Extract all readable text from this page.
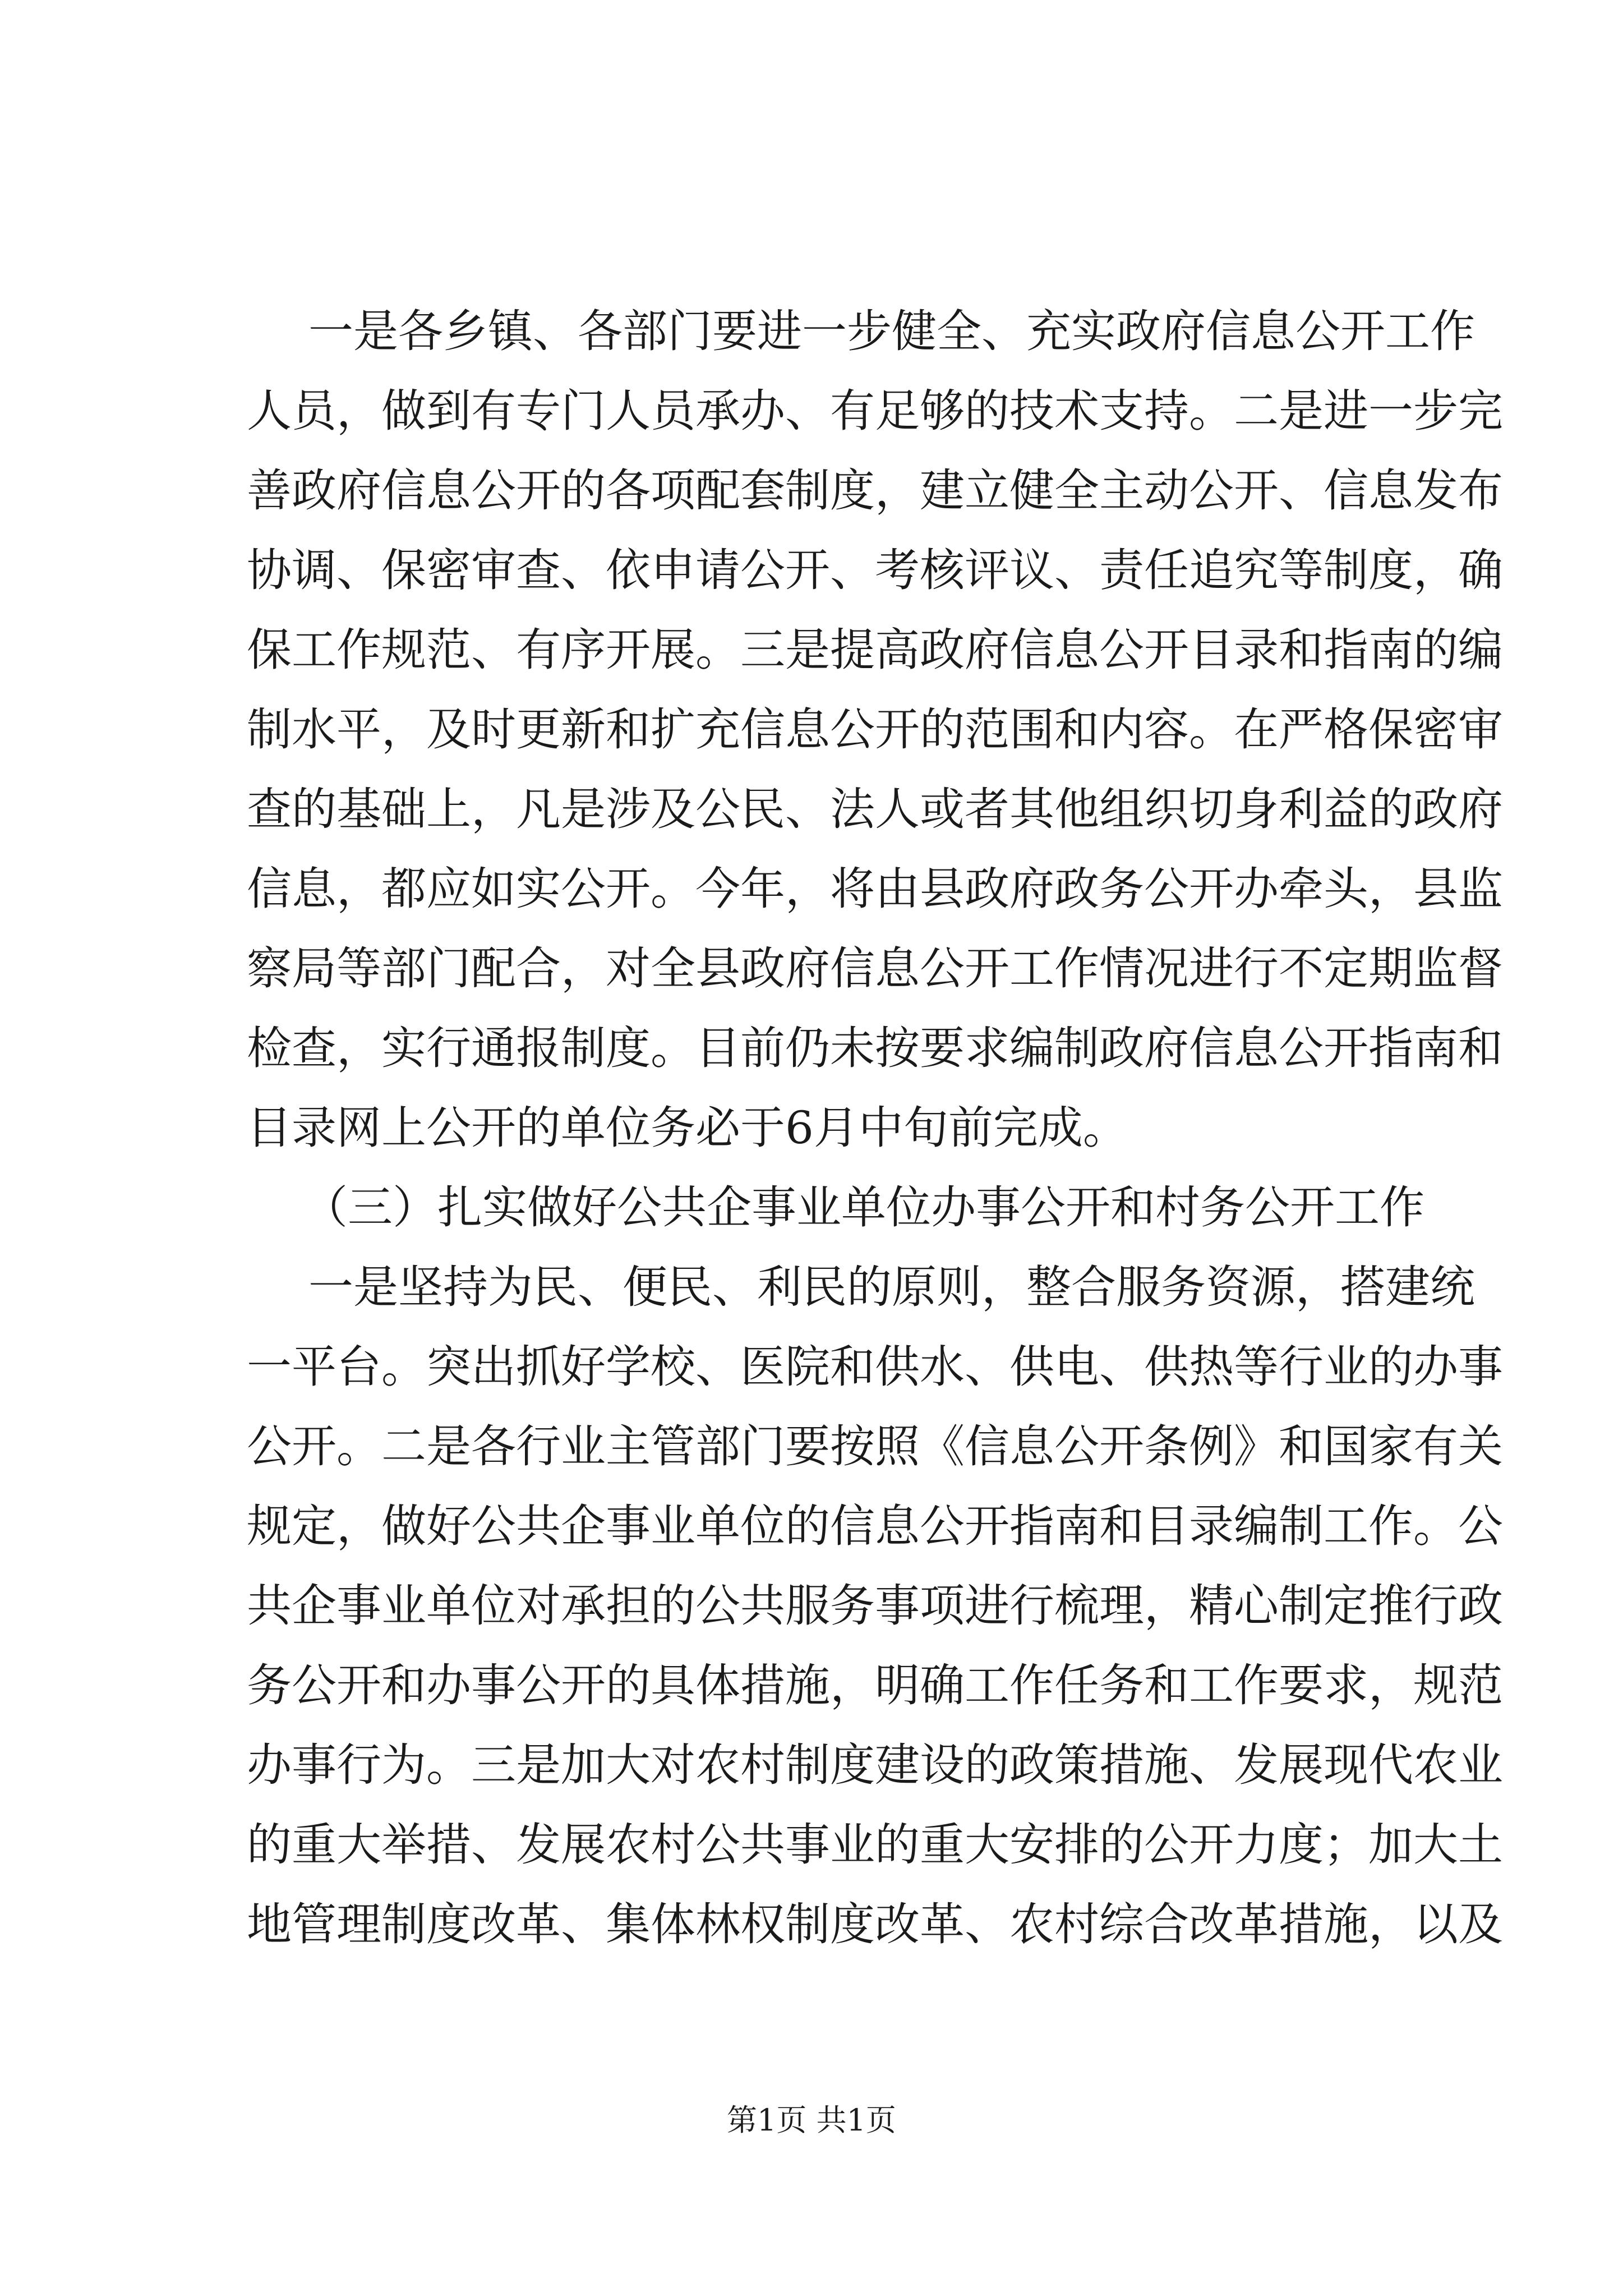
一是各乡镇、各部门要进一步健全、充实政府信息公开工作
人员，做到有专门人员承办、有足够的技术支持。二是进一步完
善政府信息公开的各项配套制度，建立健全主动公开、信息发布
协调、保密审查、依申请公开、考核评议、责任追究等制度，确
保工作规范、有序开展。三是提高政府信息公开目录和指南的编
制水平，及时更新和扩充信息公开的范围和内容。在严格保密审
查的基础上，凡是涉及公民、法人或者其他组织切身利益的政府
信息，都应如实公开。今年，将由县政府政务公开办牵头，县监
察局等部门配合，对全县政府信息公开工作情况进行不定期监督
检查，实行通报制度。目前仍未按要求编制政府信息公开指南和
目录网上公开的单位务必于6月中旬前完成。
（三）扎实做好公共企事业单位办事公开和村务公开工作
一是坚持为民、便民、利民的原则，整合服务资源，搭建统
一平台。突出抓好学校、医院和供水、供电、供热等行业的办事
公开。二是各行业主管部门要按照《信息公开条例》和国家有关
规定，做好公共企事业单位的信息公开指南和目录编制工作。公
共企事业单位对承担的公共服务事项进行梳理，精心制定推行政
务公开和办事公开的具体措施，明确工作任务和工作要求，规范
办事行为。三是加大对农村制度建设的政策措施、发展现代农业
的重大举措、发展农村公共事业的重大安排的公开力度；加大土
地管理制度改革、集体林权制度改革、农村综合改革措施，以及
第1页 共1页
